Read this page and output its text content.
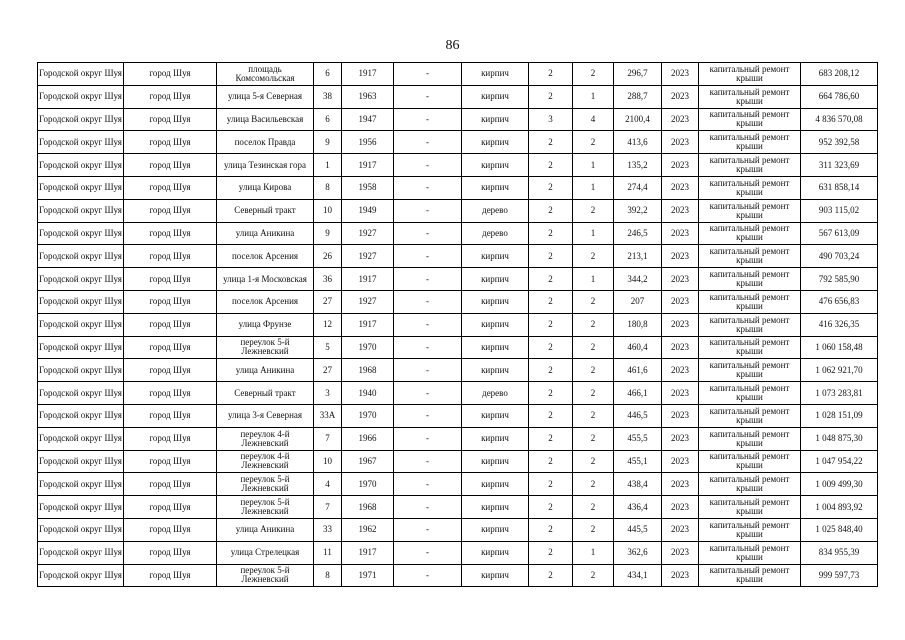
86
Городской округ Шуя	город Шуя	площадь Комсомольская	6	1917	-	кирпич	2	2	296,7	2023	капитальный ремонт крыши	683 208,12
Городской округ Шуя	город Шуя	улица 5-я Северная	38	1963	-	кирпич	2	1	288,7	2023	капитальный ремонт крыши	664 786,60
Городской округ Шуя	город Шуя	улица Васильевская	6	1947	-	кирпич	3	4	2100,4	2023	капитальный ремонт крыши	4 836 570,08
Городской округ Шуя	город Шуя	поселок Правда	9	1956	-	кирпич	2	2	413,6	2023	капитальный ремонт крыши	952 392,58
Городской округ Шуя	город Шуя	улица Тезинская гора	1	1917	-	кирпич	2	1	135,2	2023	капитальный ремонт крыши	311 323,69
Городской округ Шуя	город Шуя	улица Кирова	8	1958	-	кирпич	2	1	274,4	2023	капитальный ремонт крыши	631 858,14
Городской округ Шуя	город Шуя	Северный тракт	10	1949	-	дерево	2	2	392,2	2023	капитальный ремонт крыши	903 115,02
Городской округ Шуя	город Шуя	улица Аникина	9	1927	-	дерево	2	1	246,5	2023	капитальный ремонт крыши	567 613,09
Городской округ Шуя	город Шуя	поселок Арсения	26	1927	-	кирпич	2	2	213,1	2023	капитальный ремонт крыши	490 703,24
Городской округ Шуя	город Шуя	улица 1-я Московская	36	1917	-	кирпич	2	1	344,2	2023	капитальный ремонт крыши	792 585,90
Городской округ Шуя	город Шуя	поселок Арсения	27	1927	-	кирпич	2	2	207	2023	капитальный ремонт крыши	476 656,83
Городской округ Шуя	город Шуя	улица Фрунзе	12	1917	-	кирпич	2	2	180,8	2023	капитальный ремонт крыши	416 326,35
Городской округ Шуя	город Шуя	переулок 5-й Лежневский	5	1970	-	кирпич	2	2	460,4	2023	капитальный ремонт крыши	1 060 158,48
Городской округ Шуя	город Шуя	улица Аникина	27	1968	-	кирпич	2	2	461,6	2023	капитальный ремонт крыши	1 062 921,70
Городской округ Шуя	город Шуя	Северный тракт	3	1940	-	дерево	2	2	466,1	2023	капитальный ремонт крыши	1 073 283,81
Городской округ Шуя	город Шуя	улица 3-я Северная	33А	1970	-	кирпич	2	2	446,5	2023	капитальный ремонт крыши	1 028 151,09
Городской округ Шуя	город Шуя	переулок 4-й Лежневский	7	1966	-	кирпич	2	2	455,5	2023	капитальный ремонт крыши	1 048 875,30
Городской округ Шуя	город Шуя	переулок 4-й Лежневский	10	1967	-	кирпич	2	2	455,1	2023	капитальный ремонт крыши	1 047 954,22
Городской округ Шуя	город Шуя	переулок 5-й Лежневский	4	1970	-	кирпич	2	2	438,4	2023	капитальный ремонт крыши	1 009 499,30
Городской округ Шуя	город Шуя	переулок 5-й Лежневский	7	1968	-	кирпич	2	2	436,4	2023	капитальный ремонт крыши	1 004 893,92
Городской округ Шуя	город Шуя	улица Аникина	33	1962	-	кирпич	2	2	445,5	2023	капитальный ремонт крыши	1 025 848,40
Городской округ Шуя	город Шуя	улица Стрелецкая	11	1917	-	кирпич	2	1	362,6	2023	капитальный ремонт крыши	834 955,39
Городской округ Шуя	город Шуя	переулок 5-й Лежневский	8	1971	-	кирпич	2	2	434,1	2023	капитальный ремонт крыши	999 597,73
